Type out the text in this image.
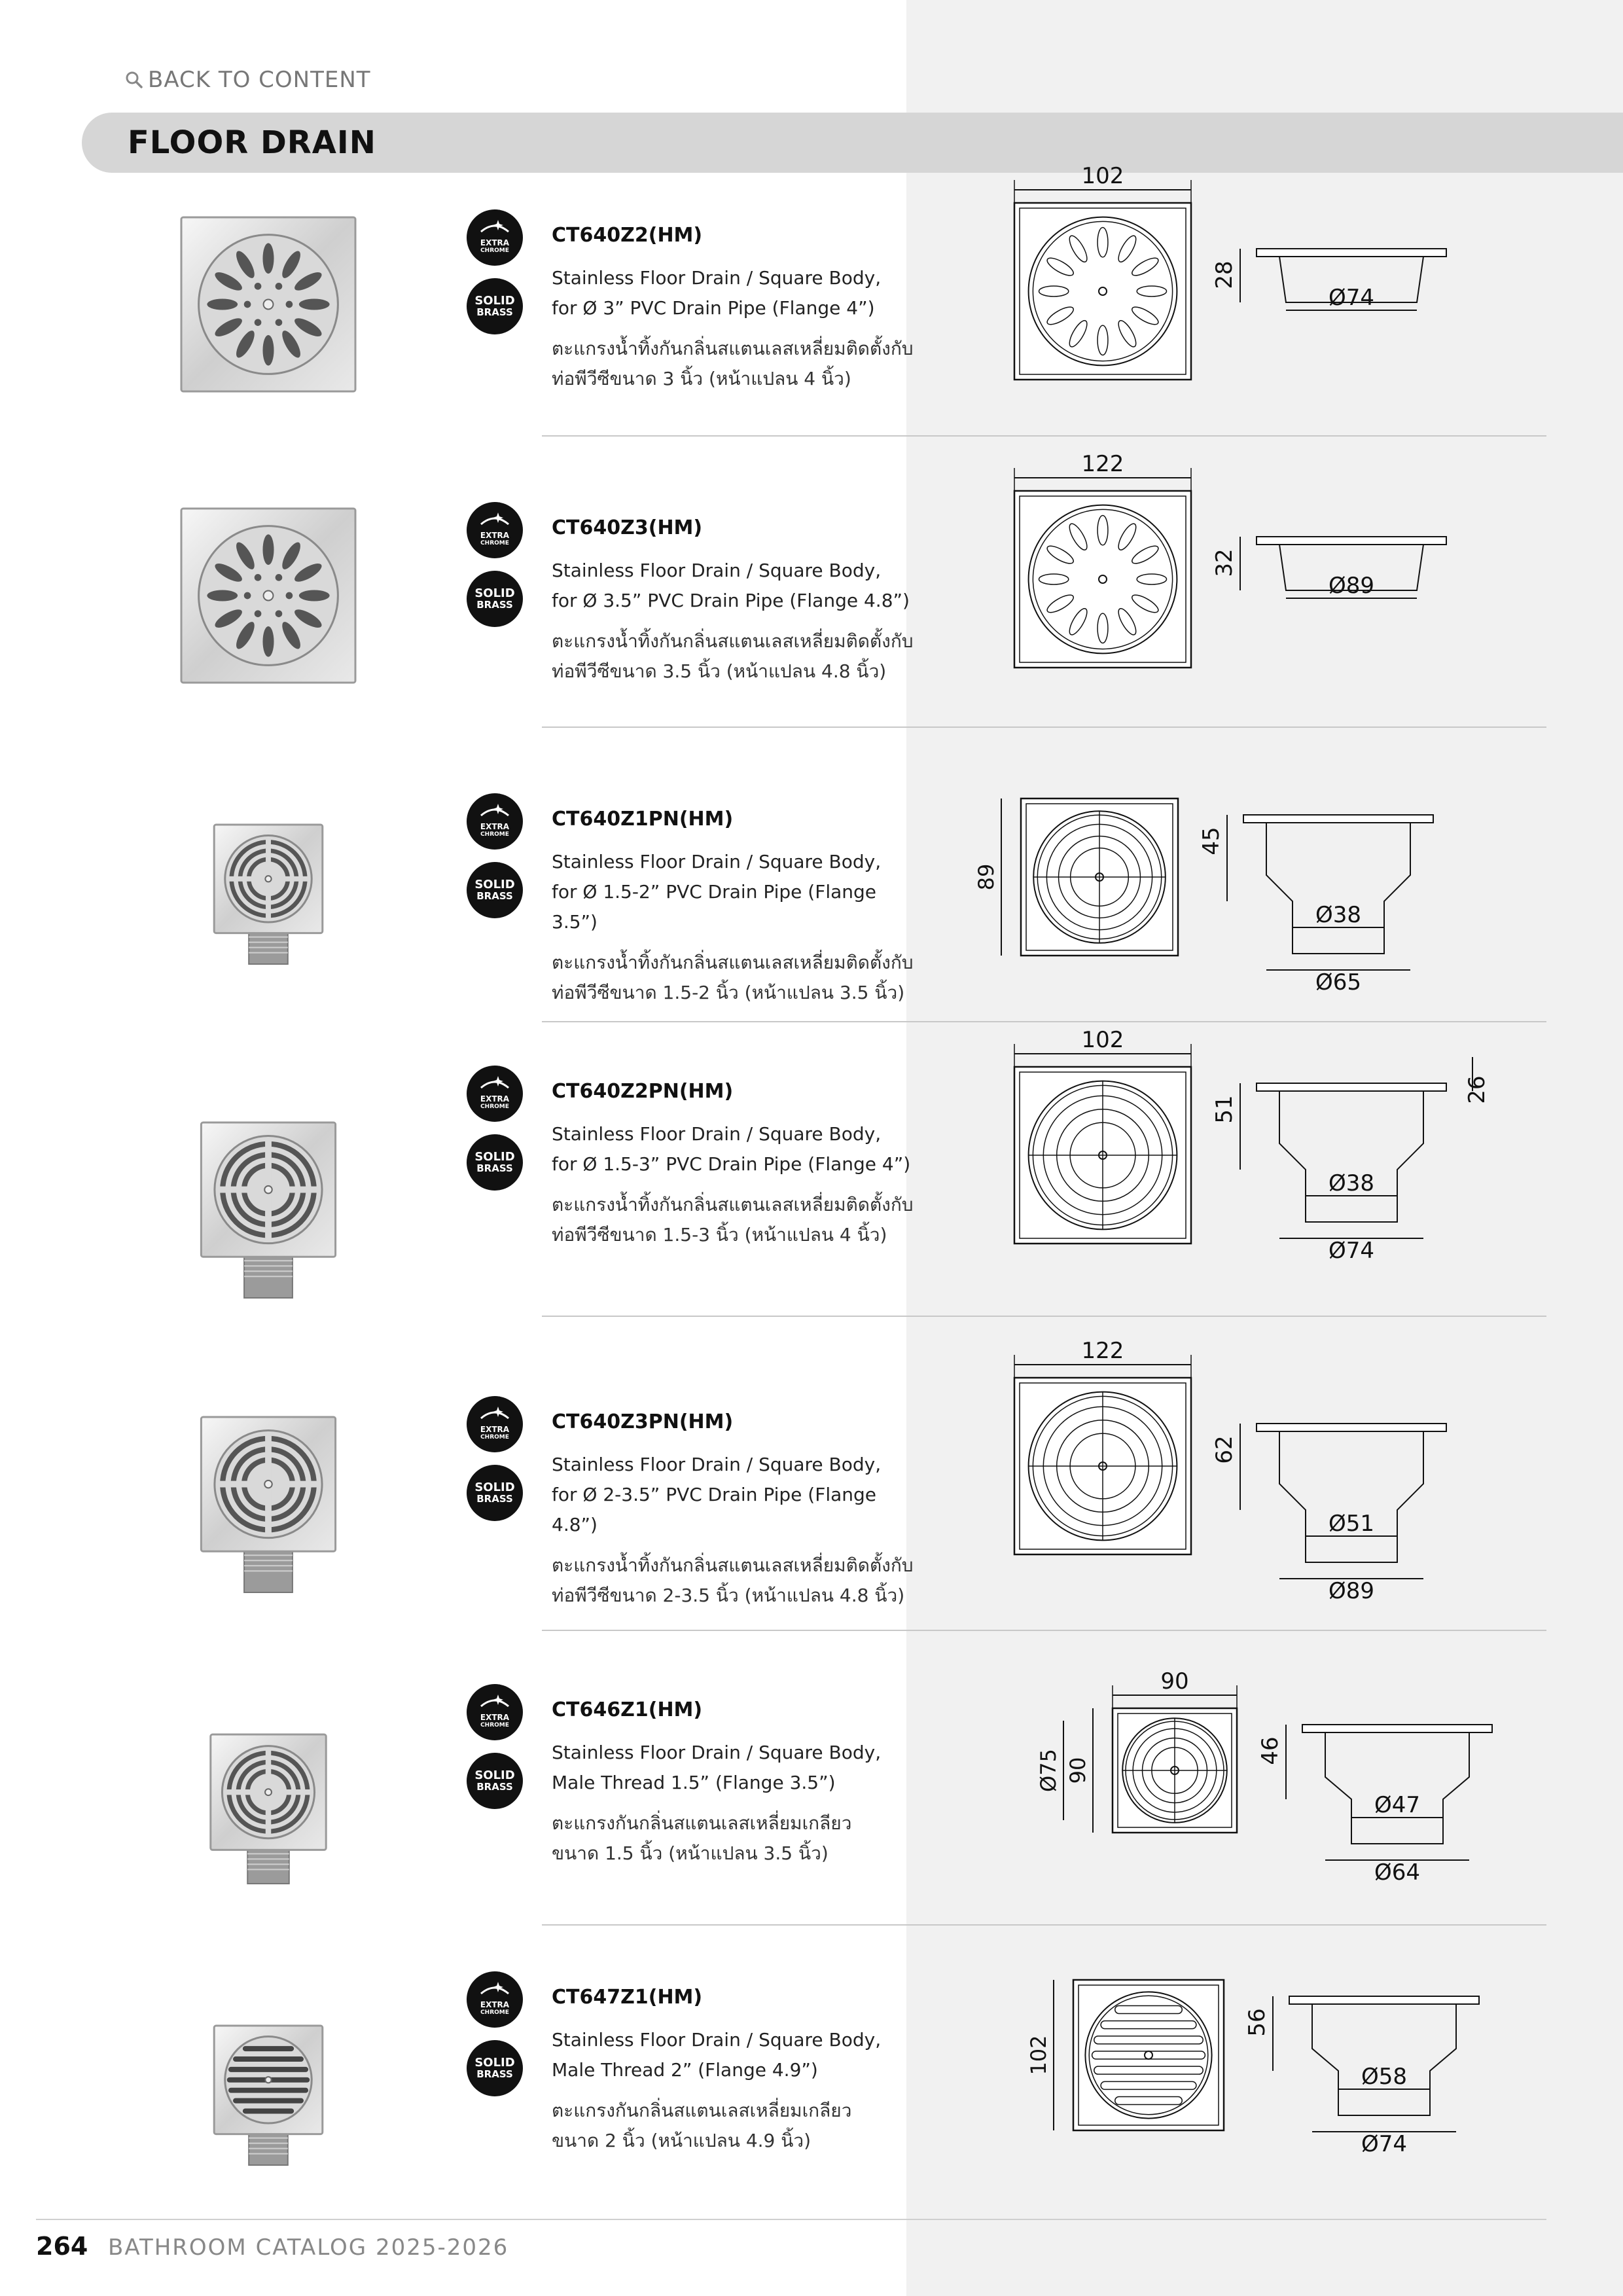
BACK TO CONTENT
FLOOR DRAIN
EXTRA
CHROME
SOLID
BRASS
CT640Z2(HM)
Stainless Floor Drain / Square Body,
for Ø 3” PVC Drain Pipe (Flange 4”)
ตะแกรงน้ำทิ้งกันกลิ่นสแตนเลสเหลี่ยมติดตั้งกับ
ท่อพีวีซีขนาด 3 นิ้ว (หน้าแปลน 4 นิ้ว)
102
28
Ø74
EXTRA
CHROME
SOLID
BRASS
CT640Z3(HM)
Stainless Floor Drain / Square Body,
for Ø 3.5” PVC Drain Pipe (Flange 4.8”)
ตะแกรงน้ำทิ้งกันกลิ่นสแตนเลสเหลี่ยมติดตั้งกับ
ท่อพีวีซีขนาด 3.5 นิ้ว (หน้าแปลน 4.8 นิ้ว)
122
32
Ø89
EXTRA
CHROME
SOLID
BRASS
CT640Z1PN(HM)
Stainless Floor Drain / Square Body,
for Ø 1.5-2” PVC Drain Pipe (Flange 3.5”)
ตะแกรงน้ำทิ้งกันกลิ่นสแตนเลสเหลี่ยมติดตั้งกับ
ท่อพีวีซีขนาด 1.5-2 นิ้ว (หน้าแปลน 3.5 นิ้ว)
89
45
Ø38
Ø65
EXTRA
CHROME
SOLID
BRASS
CT640Z2PN(HM)
Stainless Floor Drain / Square Body,
for Ø 1.5-3” PVC Drain Pipe (Flange 4”)
ตะแกรงน้ำทิ้งกันกลิ่นสแตนเลสเหลี่ยมติดตั้งกับ
ท่อพีวีซีขนาด 1.5-3 นิ้ว (หน้าแปลน 4 นิ้ว)
102
51
26
Ø38
Ø74
EXTRA
CHROME
SOLID
BRASS
CT640Z3PN(HM)
Stainless Floor Drain / Square Body,
for Ø 2-3.5” PVC Drain Pipe (Flange 4.8”)
ตะแกรงน้ำทิ้งกันกลิ่นสแตนเลสเหลี่ยมติดตั้งกับ
ท่อพีวีซีขนาด 2-3.5 นิ้ว (หน้าแปลน 4.8 นิ้ว)
122
62
Ø51
Ø89
EXTRA
CHROME
SOLID
BRASS
CT646Z1(HM)
Stainless Floor Drain / Square Body,
Male Thread 1.5” (Flange 3.5”)
ตะแกรงกันกลิ่นสแตนเลสเหลี่ยมเกลียว
ขนาด 1.5 นิ้ว (หน้าแปลน 3.5 นิ้ว)
90
90
Ø75	46
Ø47
Ø64
EXTRA
CHROME
SOLID
BRASS
CT647Z1(HM)
Stainless Floor Drain / Square Body,
Male Thread 2” (Flange 4.9”)
ตะแกรงกันกลิ่นสแตนเลสเหลี่ยมเกลียว
ขนาด 2 นิ้ว (หน้าแปลน 4.9 นิ้ว)
102
56
Ø58
Ø74
264 BATHROOM CATALOG 2025-2026
